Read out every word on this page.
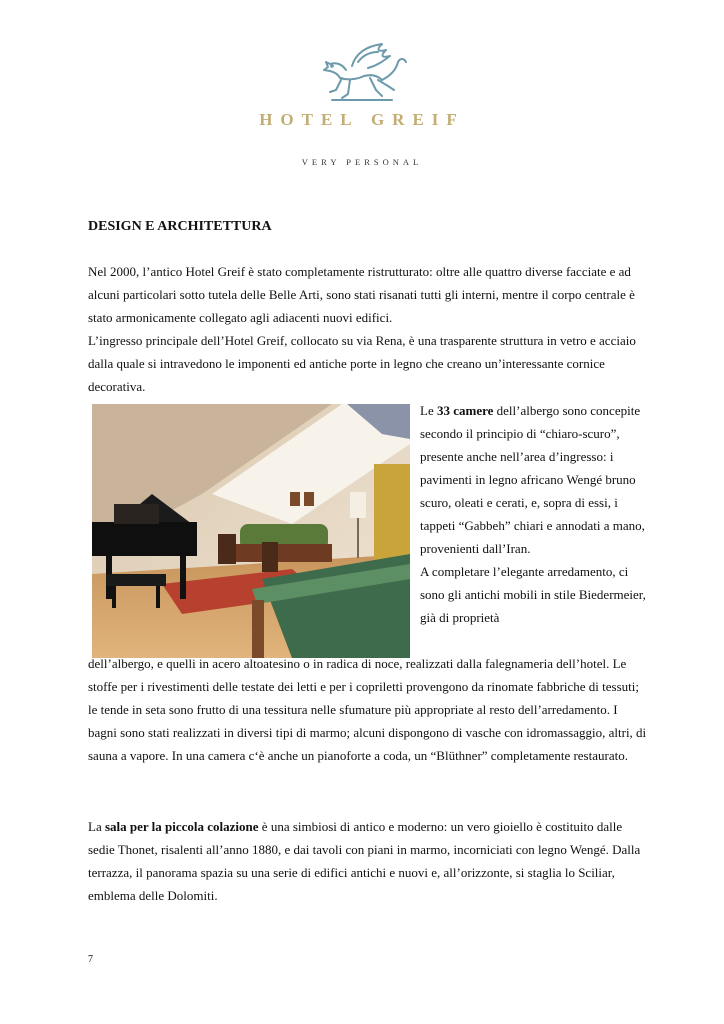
HOTEL GREIF
VERY PERSONAL
DESIGN E ARCHITETTURA

Nel 2000, l’antico Hotel Greif è stato completamente ristrutturato: oltre alle quattro diverse facciate e ad alcuni particolari sotto tutela delle Belle Arti, sono stati risanati tutti gli interni, mentre il corpo centrale è stato armonicamente collegato agli adiacenti nuovi edifici.

L’ingresso principale dell’Hotel Greif, collocato su via Rena, è una trasparente struttura in vetro e acciaio dalla quale si intravedono le imponenti ed antiche porte in legno che creano un’interessante cornice decorativa.

Le 33 camere dell’albergo sono concepite secondo il principio di “chiaro-scuro”, presente anche nell’area d’ingresso: i pavimenti in legno africano Wengé bruno scuro, oleati e cerati, e, sopra di essi, i tappeti “Gabbeh” chiari e annodati a mano, provenienti dall’Iran.
A completare l’elegante arredamento, ci sono gli antichi mobili in stile Biedermeier, già di proprietà

dell’albergo, e quelli in acero altoatesino o in radica di noce, realizzati dalla falegnameria dell’hotel. Le stoffe per i rivestimenti delle testate dei letti e per i copriletti provengono da rinomate fabbriche di tessuti; le tende in seta sono frutto di una tessitura nelle sfumature più appropriate al resto dell’arredamento. I bagni sono stati realizzati in diversi tipi di marmo; alcuni dispongono di vasche con idromassaggio, altri, di sauna a vapore. In una camera c‘è anche un pianoforte a coda, un “Blüthner” completamente restaurato.

La sala per la piccola colazione è una simbiosi di antico e moderno: un vero gioiello è costituito dalle sedie Thonet, risalenti all’anno 1880, e dai tavoli con piani in marmo, incorniciati con legno Wengé. Dalla terrazza, il panorama spazia su una serie di edifici antichi e nuovi e, all’orizzonte, si staglia lo Sciliar, emblema delle Dolomiti.

7
